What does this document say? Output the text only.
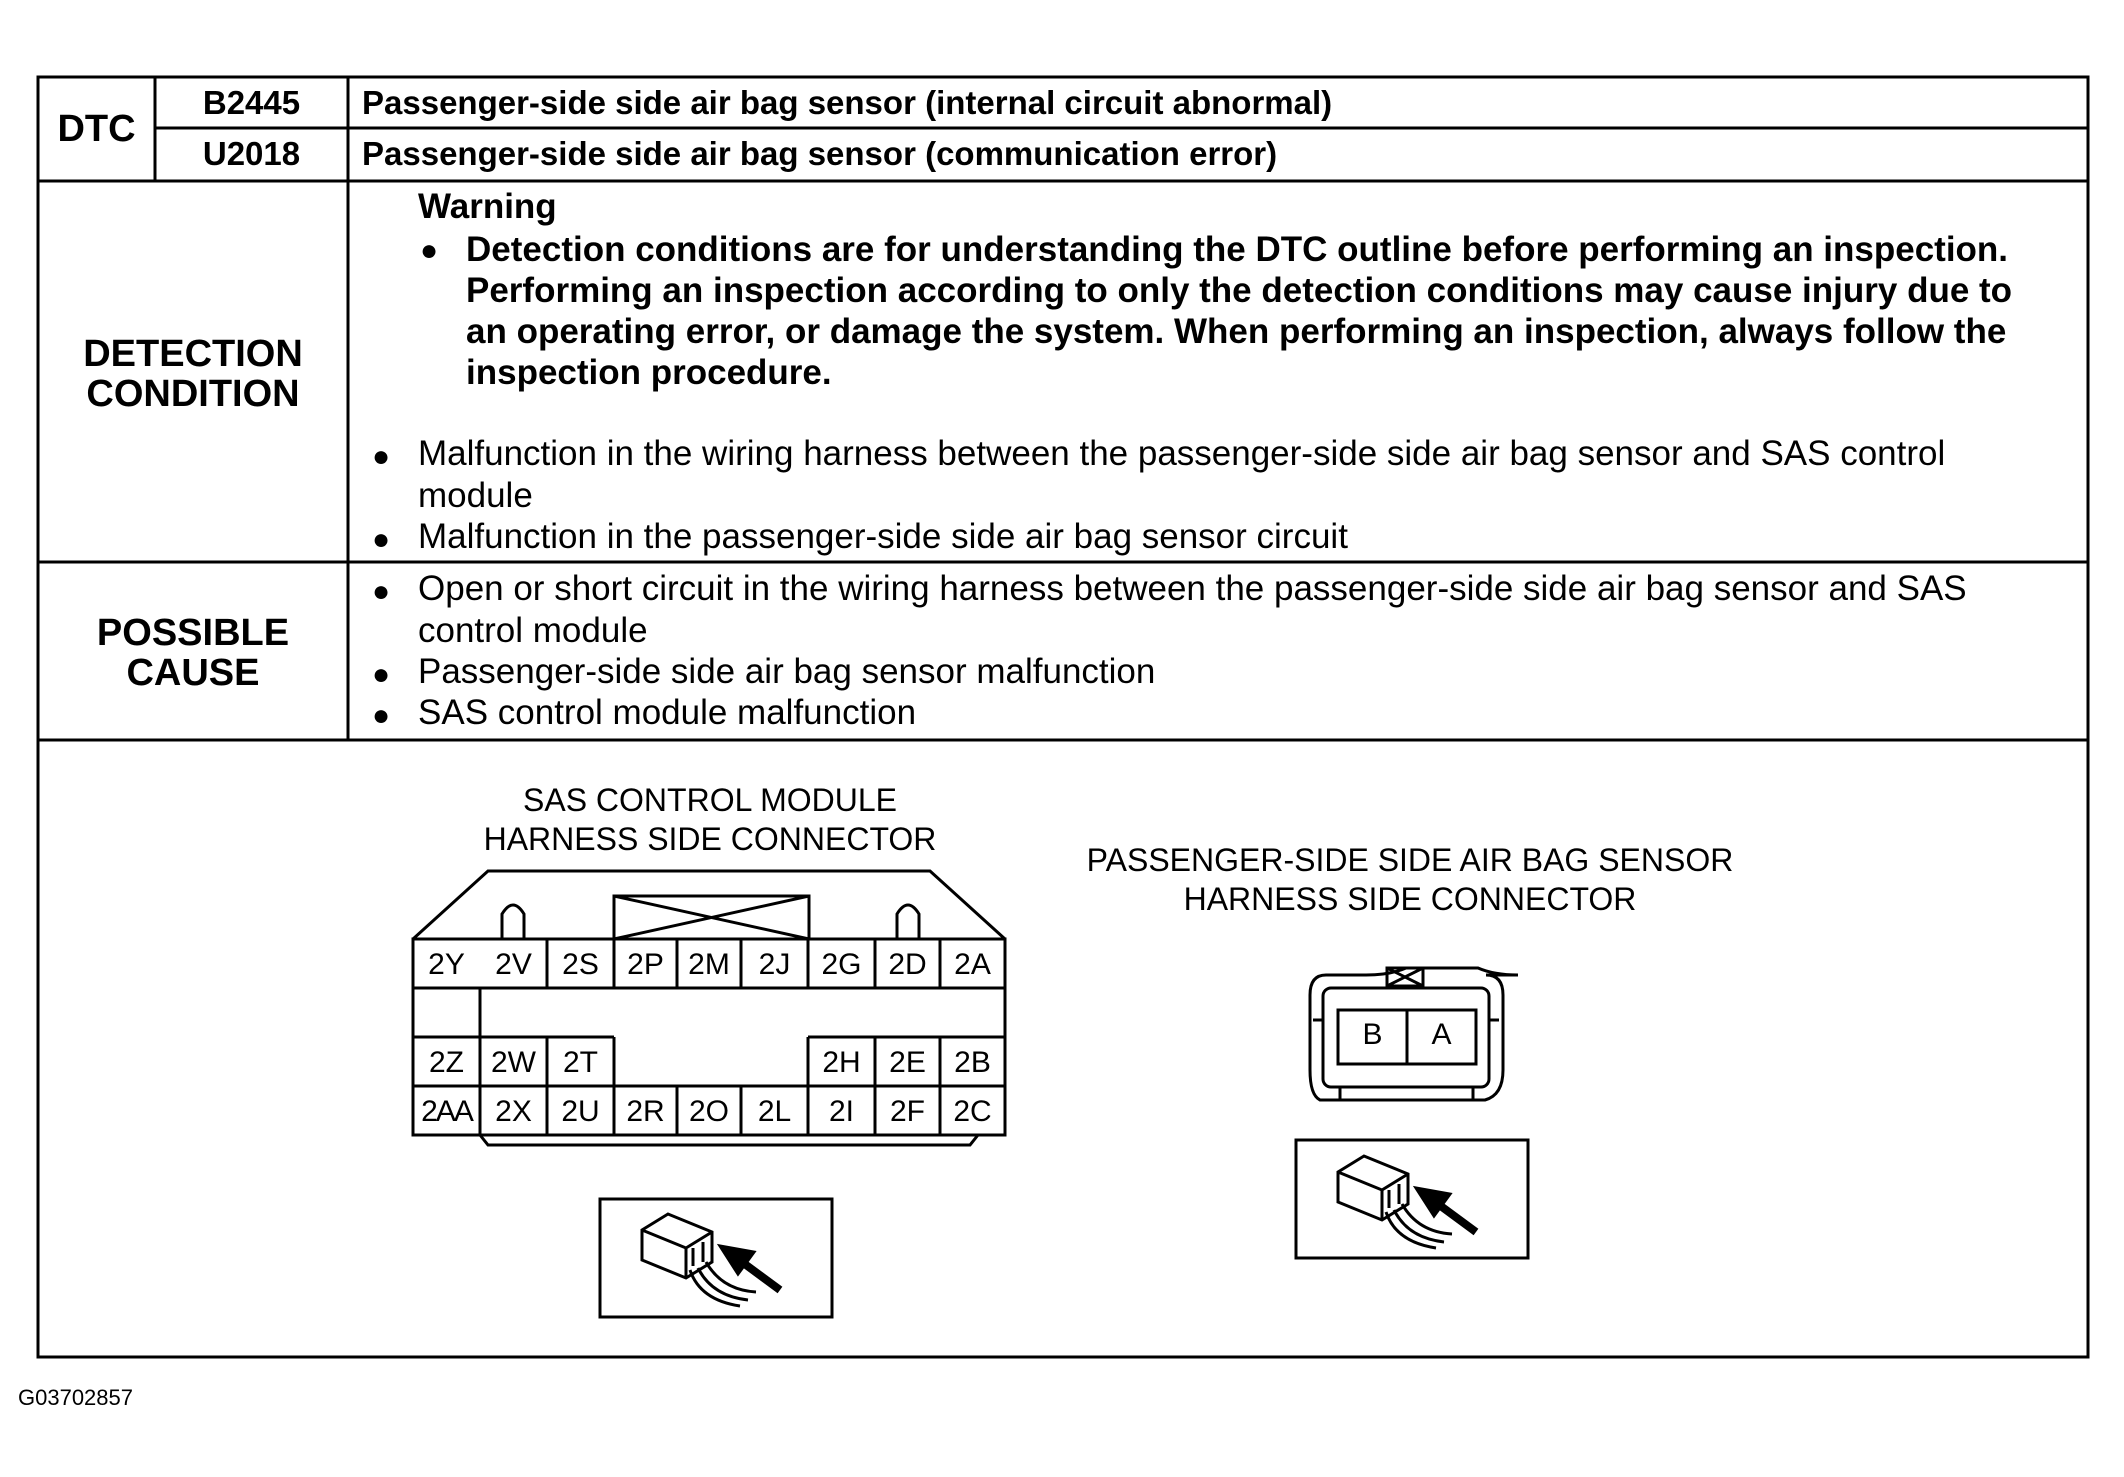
DTC
B2445	Passenger-side side air bag sensor (internal circuit abnormal)
U2018	Passenger-side side air bag sensor (communication error)
DETECTION
CONDITION
Warning
● Detection conditions are for understanding the DTC outline before performing an inspection.
Performing an inspection according to only the detection conditions may cause injury due to
an operating error, or damage the system. When performing an inspection, always follow the
inspection procedure.
● Malfunction in the wiring harness between the passenger-side side air bag sensor and SAS control
module
● Malfunction in the passenger-side side air bag sensor circuit
POSSIBLE
CAUSE
● Open or short circuit in the wiring harness between the passenger-side side air bag sensor and SAS
control module
● Passenger-side side air bag sensor malfunction
● SAS control module malfunction
SAS CONTROL MODULE
HARNESS SIDE CONNECTOR
2Y	2V	2S 2P 2M 2J	2G 2D 2A
2Z 2W 2T	2H 2E 2B
2AA 2X 2U 2R 2O 2L	2I	2F 2C
PASSENGER-SIDE SIDE AIR BAG SENSOR
HARNESS SIDE CONNECTOR
B	A
G03702857
